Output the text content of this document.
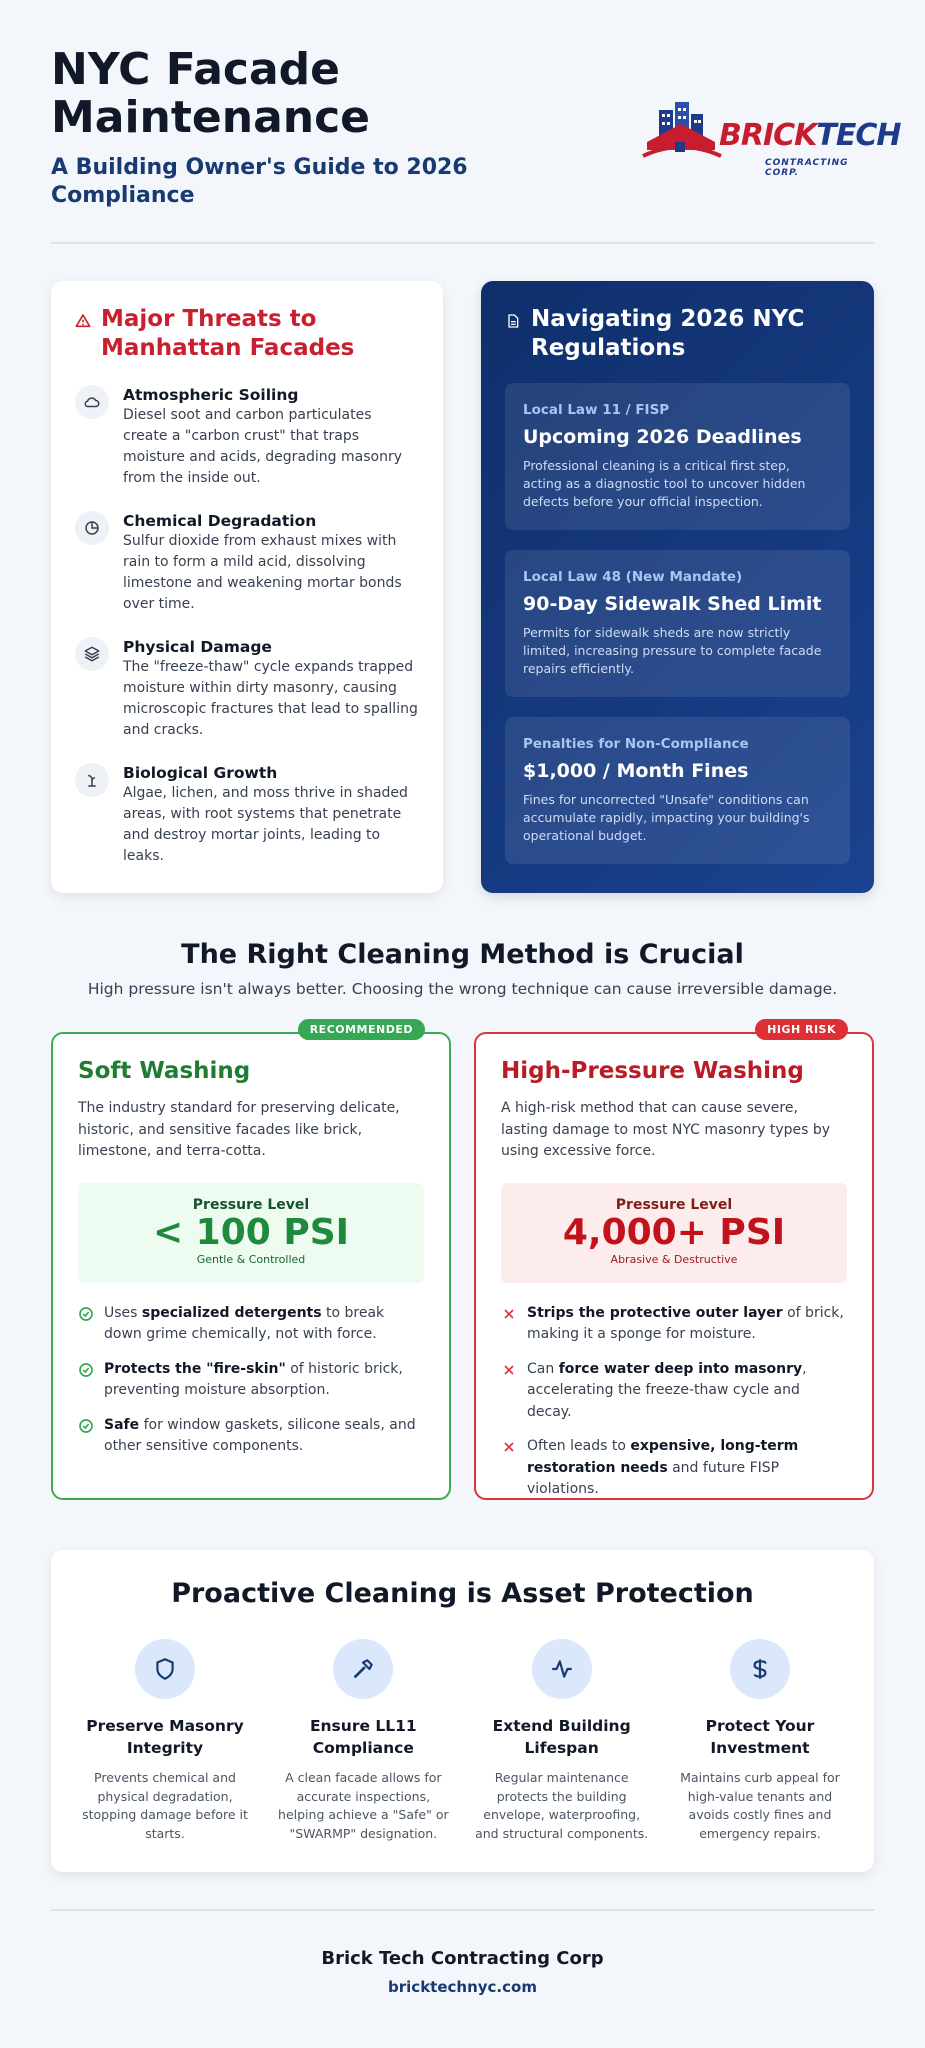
NYC Facade Maintenance
A Building Owner's Guide to 2026 Compliance
BRICKTECH
CONTRACTING CORP.
Major Threats to Manhattan Facades
Atmospheric Soiling

Diesel soot and carbon particulates create a "carbon crust" that traps moisture and acids, degrading masonry from the inside out.

Chemical Degradation

Sulfur dioxide from exhaust mixes with rain to form a mild acid, dissolving limestone and weakening mortar bonds over time.

Physical Damage

The "freeze-thaw" cycle expands trapped moisture within dirty masonry, causing microscopic fractures that lead to spalling and cracks.

Biological Growth

Algae, lichen, and moss thrive in shaded areas, with root systems that penetrate and destroy mortar joints, leading to leaks.

Navigating 2026 NYC Regulations
Local Law 11 / FISP
Upcoming 2026 Deadlines
Professional cleaning is a critical first step, acting as a diagnostic tool to uncover hidden defects before your official inspection.
Local Law 48 (New Mandate)
90-Day Sidewalk Shed Limit
Permits for sidewalk sheds are now strictly limited, increasing pressure to complete facade repairs efficiently.
Penalties for Non-Compliance
$1,000 / Month Fines
Fines for uncorrected "Unsafe" conditions can accumulate rapidly, impacting your building's operational budget.
The Right Cleaning Method is Crucial
High pressure isn't always better. Choosing the wrong technique can cause irreversible damage.
RECOMMENDED
Soft Washing

The industry standard for preserving delicate, historic, and sensitive facades like brick, limestone, and terra-cotta.

Pressure Level
< 100 PSI
Gentle & Controlled
Uses specialized detergents to break down grime chemically, not with force.
Protects the "fire-skin" of historic brick, preventing moisture absorption.
Safe for window gaskets, silicone seals, and other sensitive components.
HIGH RISK
High-Pressure Washing

A high-risk method that can cause severe, lasting damage to most NYC masonry types by using excessive force.

Pressure Level
4,000+ PSI
Abrasive & Destructive
Strips the protective outer layer of brick, making it a sponge for moisture.
Can force water deep into masonry, accelerating the freeze-thaw cycle and decay.
Often leads to expensive, long-term restoration needs and future FISP violations.
Proactive Cleaning is Asset Protection
Preserve Masonry Integrity

Prevents chemical and physical degradation, stopping damage before it starts.

Ensure LL11 Compliance

A clean facade allows for accurate inspections, helping achieve a "Safe" or "SWARMP" designation.

Extend Building Lifespan

Regular maintenance protects the building envelope, waterproofing, and structural components.

Protect Your Investment

Maintains curb appeal for high-value tenants and avoids costly fines and emergency repairs.

Brick Tech Contracting Corp
bricktechnyc.com
